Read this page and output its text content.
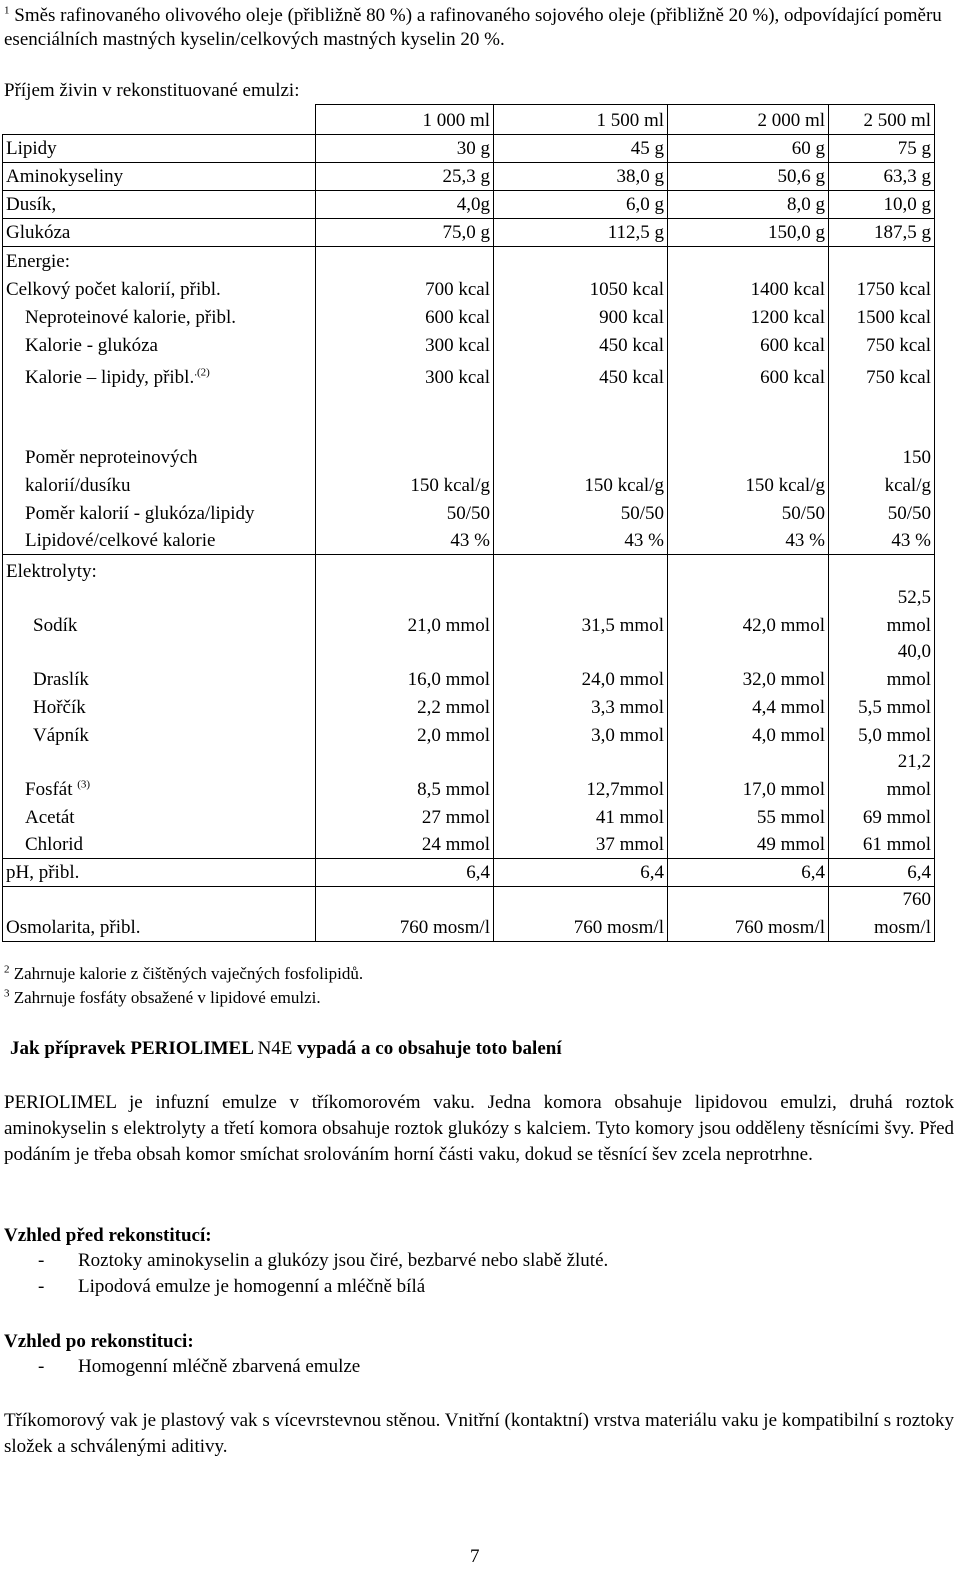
$^1$ Směs rafinovaného olivového oleje (přibližně 80 %) a rafinovaného sojového oleje (přibližně 20 %), odpovídající poměru esenciálních mastných kyselin/celkových mastných kyselin 20 %.
Příjem živin v rekonstituované emulzi:
	1 000 ml	1 500 ml	2 000 ml	2 500 ml
Lipidy	30 g	45 g	60 g	75 g
Aminokyseliny	25,3 g	38,0 g	50,6 g	63,3 g
Dusík,	4,0g	6,0 g	8,0 g	10,0 g
Glukóza	75,0 g	112,5 g	150,0 g	187,5 g
Energie:				
Celkový počet kalorií, přibl.	700 kcal	1050 kcal	1400 kcal	1750 kcal
Neproteinové kalorie, přibl.	600 kcal	900 kcal	1200 kcal	1500 kcal
Kalorie - glukóza	300 kcal	450 kcal	600 kcal	750 kcal
Kalorie – lipidy, přibl.$^{.(2)}$	300 kcal	450 kcal	600 kcal	750 kcal

Poměr neproteinových				150
kalorií/dusíku	150 kcal/g	150 kcal/g	150 kcal/g	kcal/g
Poměr kalorií - glukóza/lipidy	50/50	50/50	50/50	50/50
Lipidové/celkové kalorie	43 %	43 %	43 %	43 %
Elektrolyty:				
				52,5
Sodík	21,0 mmol	31,5 mmol	42,0 mmol	mmol
				40,0
Draslík	16,0 mmol	24,0 mmol	32,0 mmol	mmol
Hořčík	2,2 mmol	3,3 mmol	4,4 mmol	5,5 mmol
Vápník	2,0 mmol	3,0 mmol	4,0 mmol	5,0 mmol
				21,2
Fosfát $^{(3)}$	8,5 mmol	12,7mmol	17,0 mmol	mmol
Acetát	27 mmol	41 mmol	55 mmol	69 mmol
Chlorid	24 mmol	37 mmol	49 mmol	61 mmol
pH, přibl.	6,4	6,4	6,4	6,4
				760
Osmolarita, přibl.	760 mosm/l	760 mosm/l	760 mosm/l	mosm/l
$^2$ Zahrnuje kalorie z čištěných vaječných fosfolipidů.
$^3$ Zahrnuje fosfáty obsažené v lipidové emulzi.
Jak přípravek PERIOLIMEL N4E vypadá a co obsahuje toto balení
PERIOLIMEL je infuzní emulze v tříkomorovém vaku. Jedna komora obsahuje lipidovou emulzi, druhá roztok aminokyselin s elektrolyty a třetí komora obsahuje roztok glukózy s kalciem. Tyto komory jsou odděleny těsnícími švy. Před podáním je třeba obsah komor smíchat srolováním horní části vaku, dokud se těsnící šev zcela neprotrhne.
Vzhled před rekonstitucí:
- Roztoky aminokyselin a glukózy jsou čiré, bezbarvé nebo slabě žluté.
- Lipodová emulze je homogenní a mléčně bílá
Vzhled po rekonstituci:
- Homogenní mléčně zbarvená emulze
Tříkomorový vak je plastový vak s vícevrstevnou stěnou. Vnitřní (kontaktní) vrstva materiálu vaku je kompatibilní s roztoky složek a schválenými aditivy.
7
